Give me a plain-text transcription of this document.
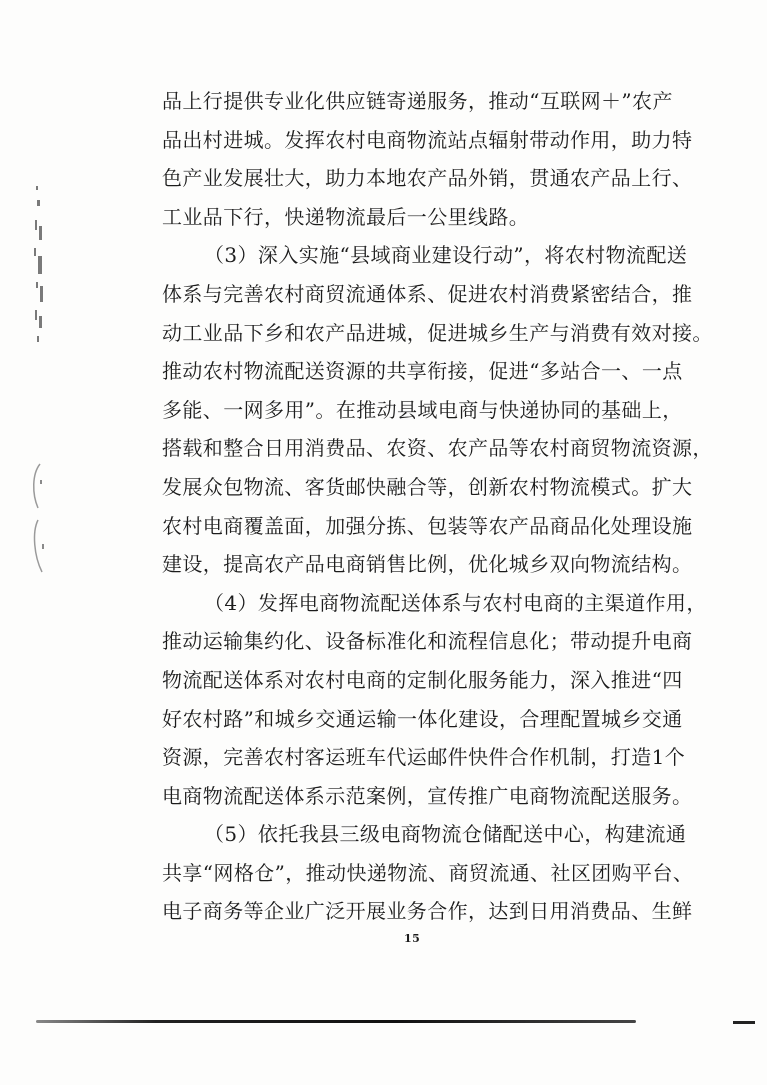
品上行提供专业化供应链寄递服务，推动“互联网＋”农产
品出村进城。发挥农村电商物流站点辐射带动作用，助力特
色产业发展壮大，助力本地农产品外销，贯通农产品上行、
工业品下行，快递物流最后一公里线路。
（3）深入实施“县域商业建设行动”，将农村物流配送
体系与完善农村商贸流通体系、促进农村消费紧密结合，推
动工业品下乡和农产品进城，促进城乡生产与消费有效对接。
推动农村物流配送资源的共享衔接，促进“多站合一、一点
多能、一网多用”。在推动县域电商与快递协同的基础上，
搭载和整合日用消费品、农资、农产品等农村商贸物流资源，
发展众包物流、客货邮快融合等，创新农村物流模式。扩大
农村电商覆盖面，加强分拣、包装等农产品商品化处理设施
建设，提高农产品电商销售比例，优化城乡双向物流结构。
（4）发挥电商物流配送体系与农村电商的主渠道作用，
推动运输集约化、设备标准化和流程信息化；带动提升电商
物流配送体系对农村电商的定制化服务能力，深入推进“四
好农村路”和城乡交通运输一体化建设，合理配置城乡交通
资源，完善农村客运班车代运邮件快件合作机制，打造1个
电商物流配送体系示范案例，宣传推广电商物流配送服务。
（5）依托我县三级电商物流仓储配送中心，构建流通
共享“网格仓”，推动快递物流、商贸流通、社区团购平台、
电子商务等企业广泛开展业务合作，达到日用消费品、生鲜
15
